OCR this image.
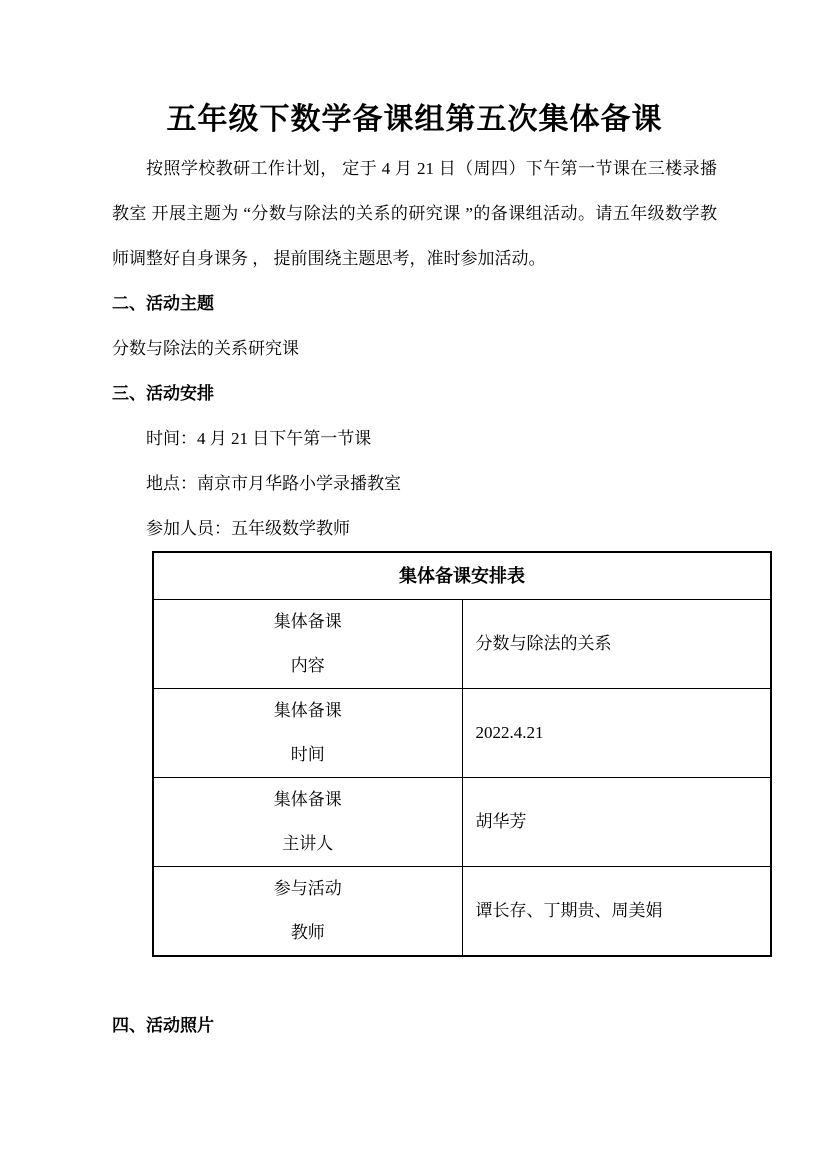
五年级下数学备课组第五次集体备课

按照学校教研工作计划， 定于 4 月 21 日（周四）下午第一节课在三楼录播教室 开展主题为 “分数与除法的关系的研究课 ”的备课组活动。请五年级数学教师调整好自身课务 ， 提前围绕主题思考，准时参加活动。

二、活动主题

分数与除法的关系研究课

三、活动安排

时间：4 月 21 日下午第一节课

地点：南京市月华路小学录播教室

参加人员：五年级数学教师

集体备课安排表	

集体备课
内容	分数与除法的关系

集体备课
时间	2022.4.21

集体备课
主讲人	胡华芳

参与活动
教师	谭长存、丁期贵、周美娟

四、活动照片
